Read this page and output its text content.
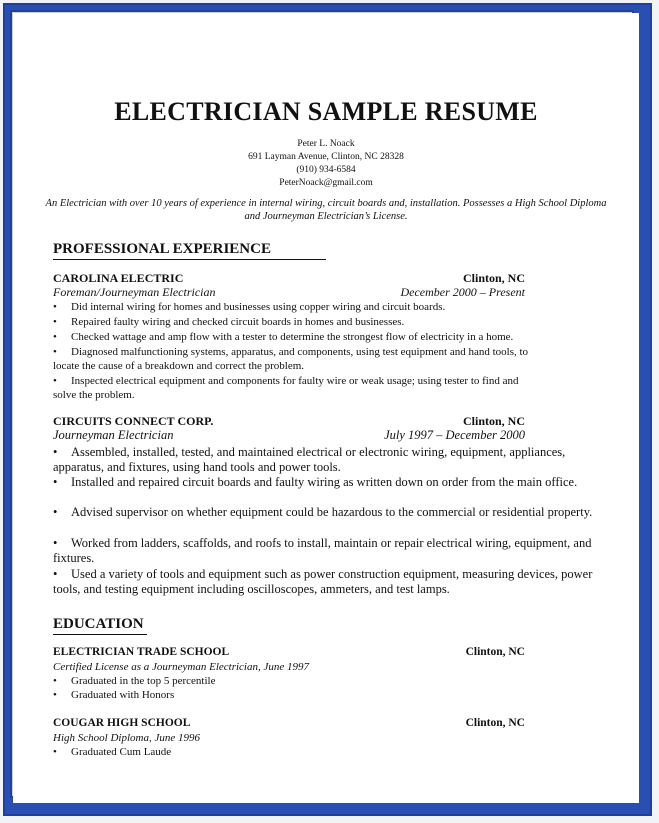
ELECTRICIAN SAMPLE RESUME
Peter L. Noack
691 Layman Avenue, Clinton, NC 28328
(910) 934-6584
PeterNoack@gmail.com
An Electrician with over 10 years of experience in internal wiring, circuit boards and, installation. Possesses a High School Diploma and Journeyman Electrician’s License.
PROFESSIONAL EXPERIENCE
CAROLINA ELECTRIC	Clinton, NC
Foreman/Journeyman Electrician	December 2000 – Present
• Did internal wiring for homes and businesses using copper wiring and circuit boards.
• Repaired faulty wiring and checked circuit boards in homes and businesses.
• Checked wattage and amp flow with a tester to determine the strongest flow of electricity in a home.
• Diagnosed malfunctioning systems, apparatus, and components, using test equipment and hand tools, to locate the cause of a breakdown and correct the problem.
• Inspected electrical equipment and components for faulty wire or weak usage; using tester to find and solve the problem.
CIRCUITS CONNECT CORP.	Clinton, NC
Journeyman Electrician	July 1997 – December 2000
• Assembled, installed, tested, and maintained electrical or electronic wiring, equipment, appliances, apparatus, and fixtures, using hand tools and power tools.
• Installed and repaired circuit boards and faulty wiring as written down on order from the main office.
• Advised supervisor on whether equipment could be hazardous to the commercial or residential property.
• Worked from ladders, scaffolds, and roofs to install, maintain or repair electrical wiring, equipment, and fixtures.
• Used a variety of tools and equipment such as power construction equipment, measuring devices, power tools, and testing equipment including oscilloscopes, ammeters, and test lamps.
EDUCATION
ELECTRICIAN TRADE SCHOOL	Clinton, NC
Certified License as a Journeyman Electrician, June 1997
• Graduated in the top 5 percentile
• Graduated with Honors
COUGAR HIGH SCHOOL	Clinton, NC
High School Diploma, June 1996
• Graduated Cum Laude
